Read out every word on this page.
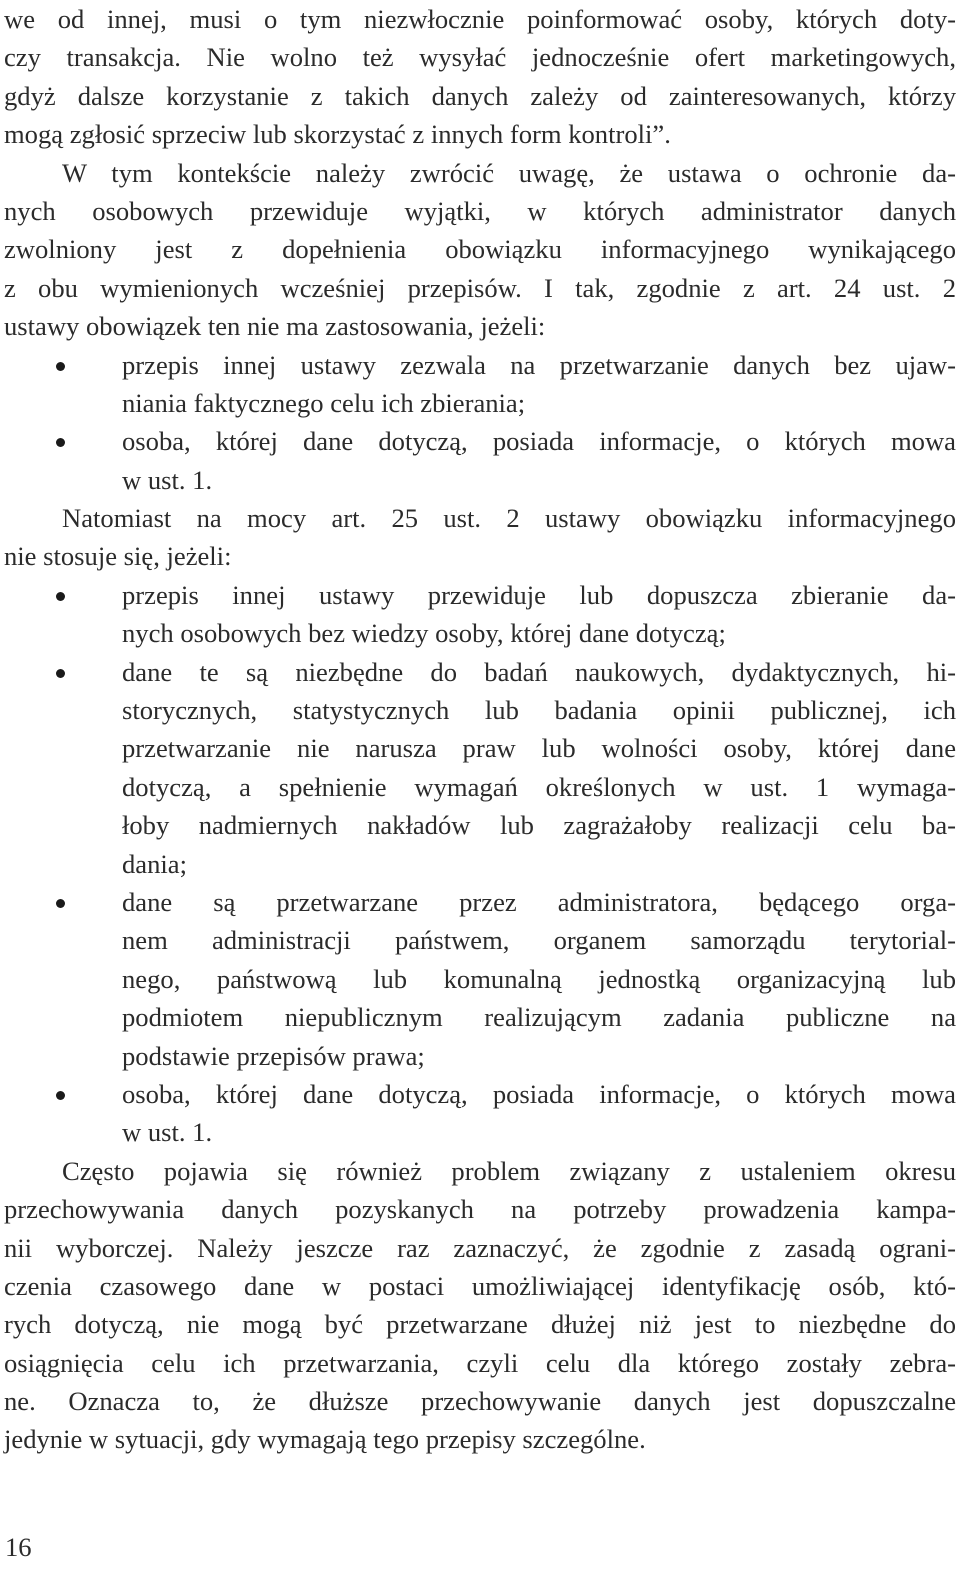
we od innej, musi o tym niezwłocznie poinformować osoby, których doty-
czy transakcja. Nie wolno też wysyłać jednocześnie ofert marketingowych,
gdyż dalsze korzystanie z takich danych zależy od zainteresowanych, którzy
mogą zgłosić sprzeciw lub skorzystać z innych form kontroli”.
W tym kontekście należy zwrócić uwagę, że ustawa o ochronie da-
nych osobowych przewiduje wyjątki, w których administrator danych
zwolniony jest z dopełnienia obowiązku informacyjnego wynikającego
z obu wymienionych wcześniej przepisów. I tak, zgodnie z art. 24 ust. 2
ustawy obowiązek ten nie ma zastosowania, jeżeli:
przepis innej ustawy zezwala na przetwarzanie danych bez ujaw-
niania faktycznego celu ich zbierania;
osoba, której dane dotyczą, posiada informacje, o których mowa
w ust. 1.
Natomiast na mocy art. 25 ust. 2 ustawy obowiązku informacyjnego
nie stosuje się, jeżeli:
przepis innej ustawy przewiduje lub dopuszcza zbieranie da-
nych osobowych bez wiedzy osoby, której dane dotyczą;
dane te są niezbędne do badań naukowych, dydaktycznych, hi-
storycznych, statystycznych lub badania opinii publicznej, ich
przetwarzanie nie narusza praw lub wolności osoby, której dane
dotyczą, a spełnienie wymagań określonych w ust. 1 wymaga-
łoby nadmiernych nakładów lub zagrażałoby realizacji celu ba-
dania;
dane są przetwarzane przez administratora, będącego orga-
nem administracji państwem, organem samorządu terytorial-
nego, państwową lub komunalną jednostką organizacyjną lub
podmiotem niepublicznym realizującym zadania publiczne na
podstawie przepisów prawa;
osoba, której dane dotyczą, posiada informacje, o których mowa
w ust. 1.
Często pojawia się również problem związany z ustaleniem okresu
przechowywania danych pozyskanych na potrzeby prowadzenia kampa-
nii wyborczej. Należy jeszcze raz zaznaczyć, że zgodnie z zasadą ograni-
czenia czasowego dane w postaci umożliwiającej identyfikację osób, któ-
rych dotyczą, nie mogą być przetwarzane dłużej niż jest to niezbędne do
osiągnięcia celu ich przetwarzania, czyli celu dla którego zostały zebra-
ne. Oznacza to, że dłuższe przechowywanie danych jest dopuszczalne
jedynie w sytuacji, gdy wymagają tego przepisy szczególne.
16
